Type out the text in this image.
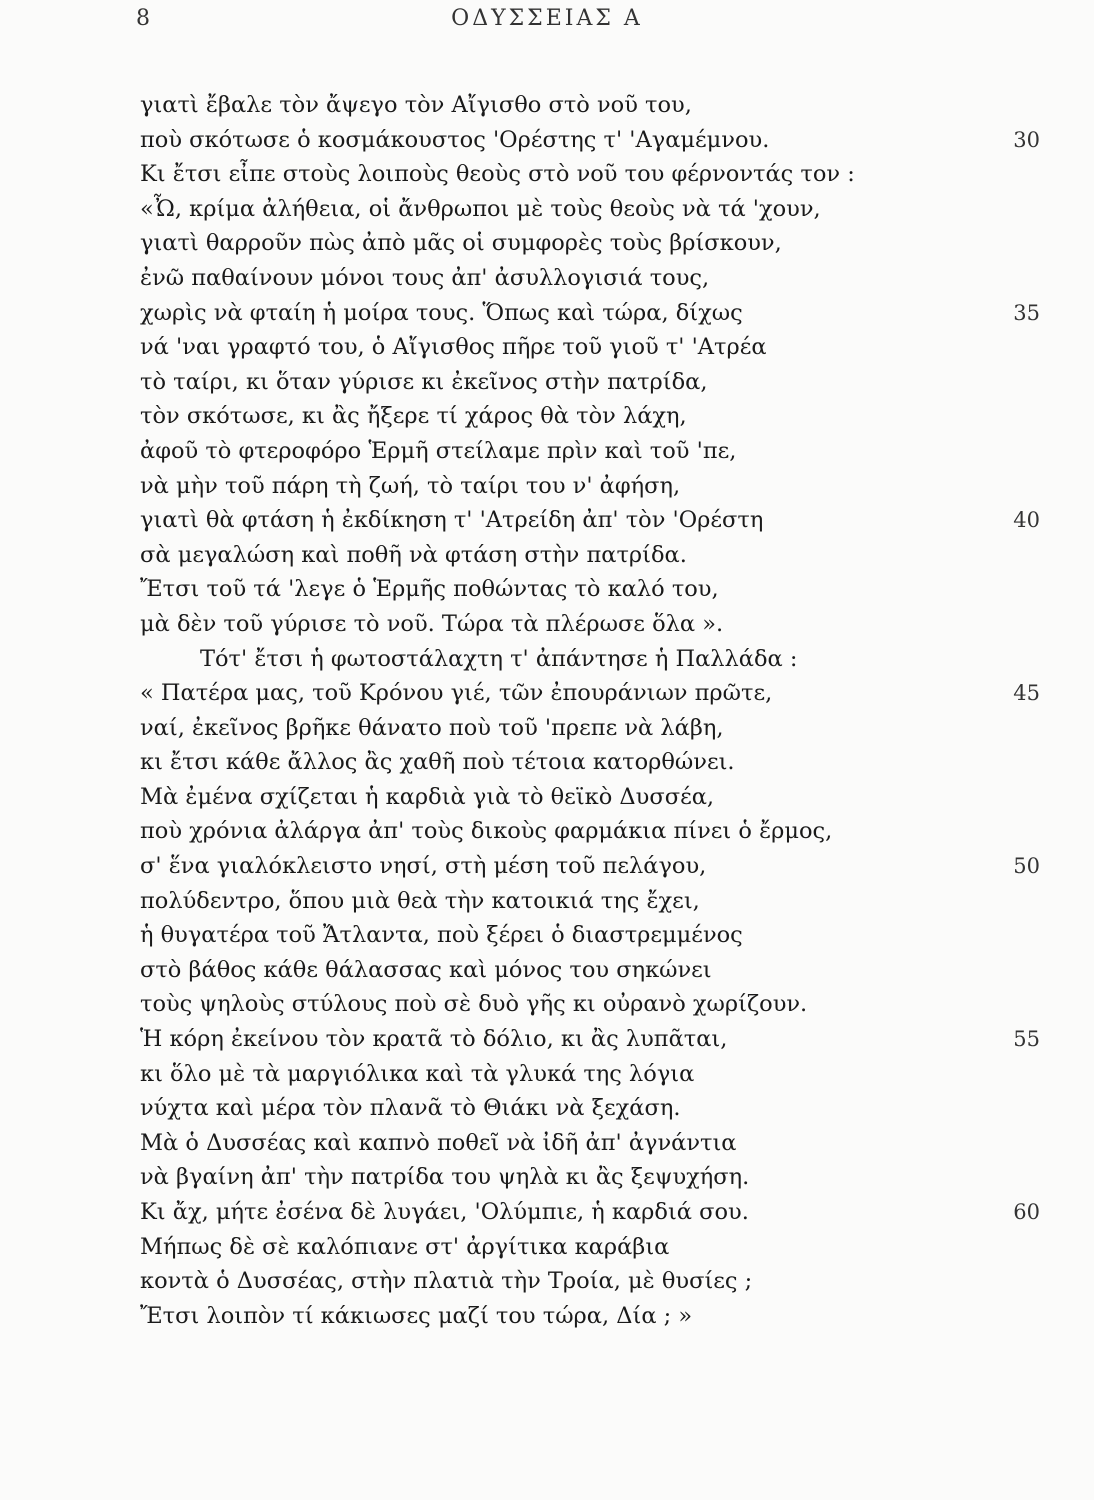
8	ΟΔΥΣΣΕΙΑΣ Α
γιατὶ ἔβαλε τὸν ἄψεγο τὸν Αἴγισθο στὸ νοῦ του,
ποὺ σκότωσε ὁ κοσμάκουστος 'Ορέστης τ' 'Αγαμέμνου.	30
Κι ἔτσι εἶπε στοὺς λοιποὺς θεοὺς στὸ νοῦ του φέρνοντάς τον :
«Ὦ, κρίμα ἀλήθεια, οἱ ἄνθρωποι μὲ τοὺς θεοὺς νὰ τά 'χουν,
γιατὶ θαρροῦν πὼς ἀπὸ μᾶς οἱ συμφορὲς τοὺς βρίσκουν,
ἐνῶ παθαίνουν μόνοι τους ἀπ' ἀσυλλογισιά τους,
χωρὶς νὰ φταίη ἡ μοίρα τους. Ὅπως καὶ τώρα, δίχως	35
νά 'ναι γραφτό του, ὁ Αἴγισθος πῆρε τοῦ γιοῦ τ' 'Ατρέα
τὸ ταίρι, κι ὅταν γύρισε κι ἐκεῖνος στὴν πατρίδα,
τὸν σκότωσε, κι ἂς ἤξερε τί χάρος θὰ τὸν λάχη,
ἀφοῦ τὸ φτεροφόρο Ἑρμῆ στείλαμε πρὶν καὶ τοῦ 'πε,
νὰ μὴν τοῦ πάρη τὴ ζωή, τὸ ταίρι του ν' ἀφήση,
γιατὶ θὰ φτάση ἡ ἐκδίκηση τ' 'Ατρείδη ἀπ' τὸν 'Ορέστη	40
σὰ μεγαλώση καὶ ποθῆ νὰ φτάση στὴν πατρίδα.
Ἔτσι τοῦ τά 'λεγε ὁ Ἑρμῆς ποθώντας τὸ καλό του,
μὰ δὲν τοῦ γύρισε τὸ νοῦ. Τώρα τὰ πλέρωσε ὅλα ».
Τότ' ἔτσι ἡ φωτοστάλαχτη τ' ἀπάντησε ἡ Παλλάδα :
« Πατέρα μας, τοῦ Κρόνου γιέ, τῶν ἐπουράνιων πρῶτε,	45
ναί, ἐκεῖνος βρῆκε θάνατο ποὺ τοῦ 'πρεπε νὰ λάβη,
κι ἔτσι κάθε ἄλλος ἂς χαθῆ ποὺ τέτοια κατορθώνει.
Μὰ ἐμένα σχίζεται ἡ καρδιὰ γιὰ τὸ θεϊκὸ Δυσσέα,
ποὺ χρόνια ἀλάργα ἀπ' τοὺς δικοὺς φαρμάκια πίνει ὁ ἔρμος,
σ' ἕνα γιαλόκλειστο νησί, στὴ μέση τοῦ πελάγου,	50
πολύδεντρο, ὅπου μιὰ θεὰ τὴν κατοικιά της ἔχει,
ἡ θυγατέρα τοῦ Ἄτλαντα, ποὺ ξέρει ὁ διαστρεμμένος
στὸ βάθος κάθε θάλασσας καὶ μόνος του σηκώνει
τοὺς ψηλοὺς στύλους ποὺ σὲ δυὸ γῆς κι οὐρανὸ χωρίζουν.
Ἡ κόρη ἐκείνου τὸν κρατᾶ τὸ δόλιο, κι ἂς λυπᾶται,	55
κι ὅλο μὲ τὰ μαργιόλικα καὶ τὰ γλυκά της λόγια
νύχτα καὶ μέρα τὸν πλανᾶ τὸ Θιάκι νὰ ξεχάση.
Μὰ ὁ Δυσσέας καὶ καπνὸ ποθεῖ νὰ ἰδῆ ἀπ' ἀγνάντια
νὰ βγαίνη ἀπ' τὴν πατρίδα του ψηλὰ κι ἂς ξεψυχήση.
Κι ἄχ, μήτε ἐσένα δὲ λυγάει, 'Ολύμπιε, ἡ καρδιά σου.	60
Μήπως δὲ σὲ καλόπιανε στ' ἀργίτικα καράβια
κοντὰ ὁ Δυσσέας, στὴν πλατιὰ τὴν Τροία, μὲ θυσίες ;
Ἔτσι λοιπὸν τί κάκιωσες μαζί του τώρα, Δία ; »
